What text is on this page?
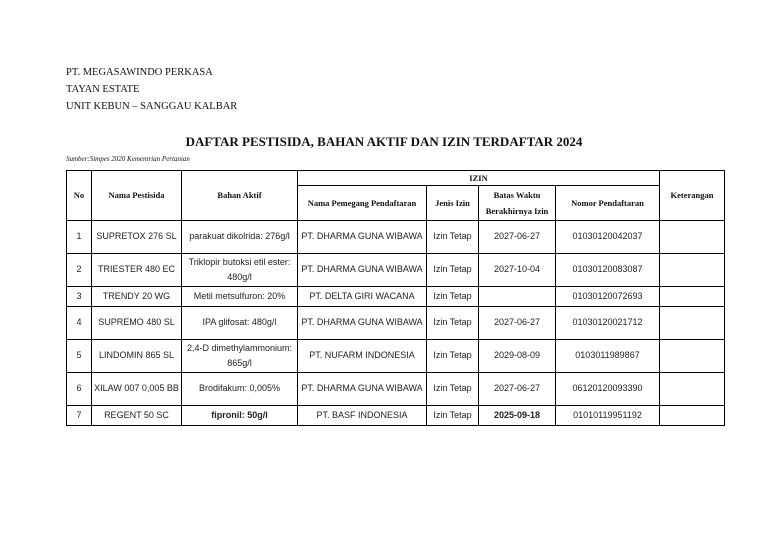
PT. MEGASAWINDO PERKASA
TAYAN ESTATE
UNIT KEBUN – SANGGAU KALBAR
DAFTAR PESTISIDA, BAHAN AKTIF DAN IZIN TERDAFTAR 2024
Sumber:Simpes 2020 Kementrian Pertanian
No	Nama Pestisida	Bahan Aktif	IZIN				Keterangan
			Nama Pemegang Pendaftaran	Jenis Izin	Batas Waktu Berakhirnya Izin	Nomor Pendaftaran	
1	SUPRETOX 276 SL	parakuat dikolrida: 276g/l	PT. DHARMA GUNA WIBAWA	Izin Tetap	2027-06-27	01030120042037	
2	TRIESTER 480 EC	Triklopir butoksi etil ester: 480g/l	PT. DHARMA GUNA WIBAWA	Izin Tetap	2027-10-04	01030120083087	
3	TRENDY 20 WG	Metil metsulfuron: 20%	PT. DELTA GIRI WACANA	Izin Tetap		01030120072693	
4	SUPREMO 480 SL	IPA glifosat: 480g/l	PT. DHARMA GUNA WIBAWA	Izin Tetap	2027-06-27	01030120021712	
5	LINDOMIN 865 SL	2,4-D dimethylammonium: 865g/l	PT. NUFARM INDONESIA	Izin Tetap	2029-08-09	0103011989867	
6	XILAW 007 0,005 BB	Brodifakum: 0,005%	PT. DHARMA GUNA WIBAWA	Izin Tetap	2027-06-27	06120120093390	
7	REGENT 50 SC	fipronil: 50g/l	PT. BASF INDONESIA	Izin Tetap	2025-09-18	01010119951192	
